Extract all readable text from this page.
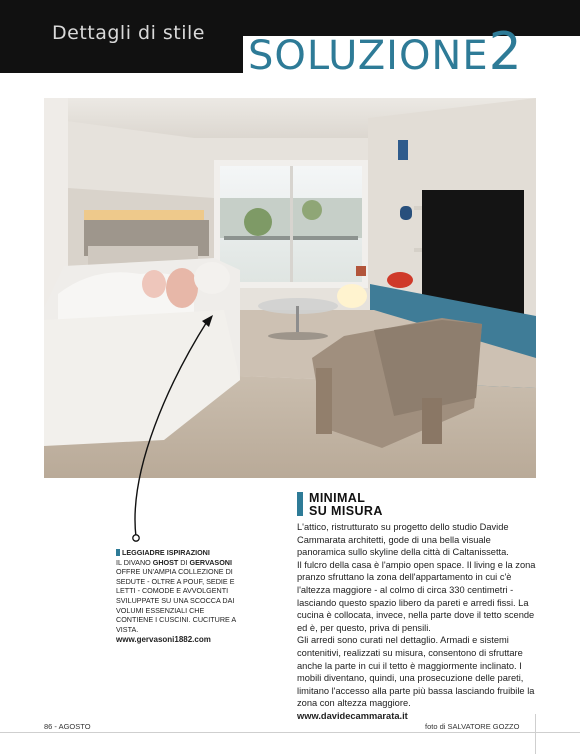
Dettagli di stile SOLUZIONE2
LEGGIADRE ISPIRAZIONI
IL DIVANO GHOST DI GERVASONI OFFRE UN'AMPIA COLLEZIONE DI SEDUTE - OLTRE A POUF, SEDIE E LETTI - COMODE E AVVOLGENTI SVILUPPATE SU UNA SCOCCA DAI VOLUMI ESSENZIALI CHE CONTIENE I CUSCINI. CUCITURE A VISTA.
www.gervasoni1882.com
MINIMAL
SU MISURA

L'attico, ristrutturato su progetto dello studio Davide Cammarata architetti, gode di una bella visuale panoramica sullo skyline della città di Caltanissetta.

Il fulcro della casa è l'ampio open space. Il living e la zona pranzo sfruttano la zona dell'appartamento in cui c'è l'altezza maggiore - al colmo di circa 330 centimetri - lasciando questo spazio libero da pareti e arredi fissi. La cucina è collocata, invece, nella parte dove il tetto scende ed è, per questo, priva di pensili.

Gli arredi sono curati nel dettaglio. Armadi e sistemi contenitivi, realizzati su misura, consentono di sfruttare anche la parte in cui il tetto è maggiormente inclinato. I mobili diventano, quindi, una prosecuzione delle pareti, limitano l'accesso alla parte più bassa lasciando fruibile la zona con altezza maggiore.

www.davidecammarata.it

86 - AGOSTO	foto di SALVATORE GOZZO
